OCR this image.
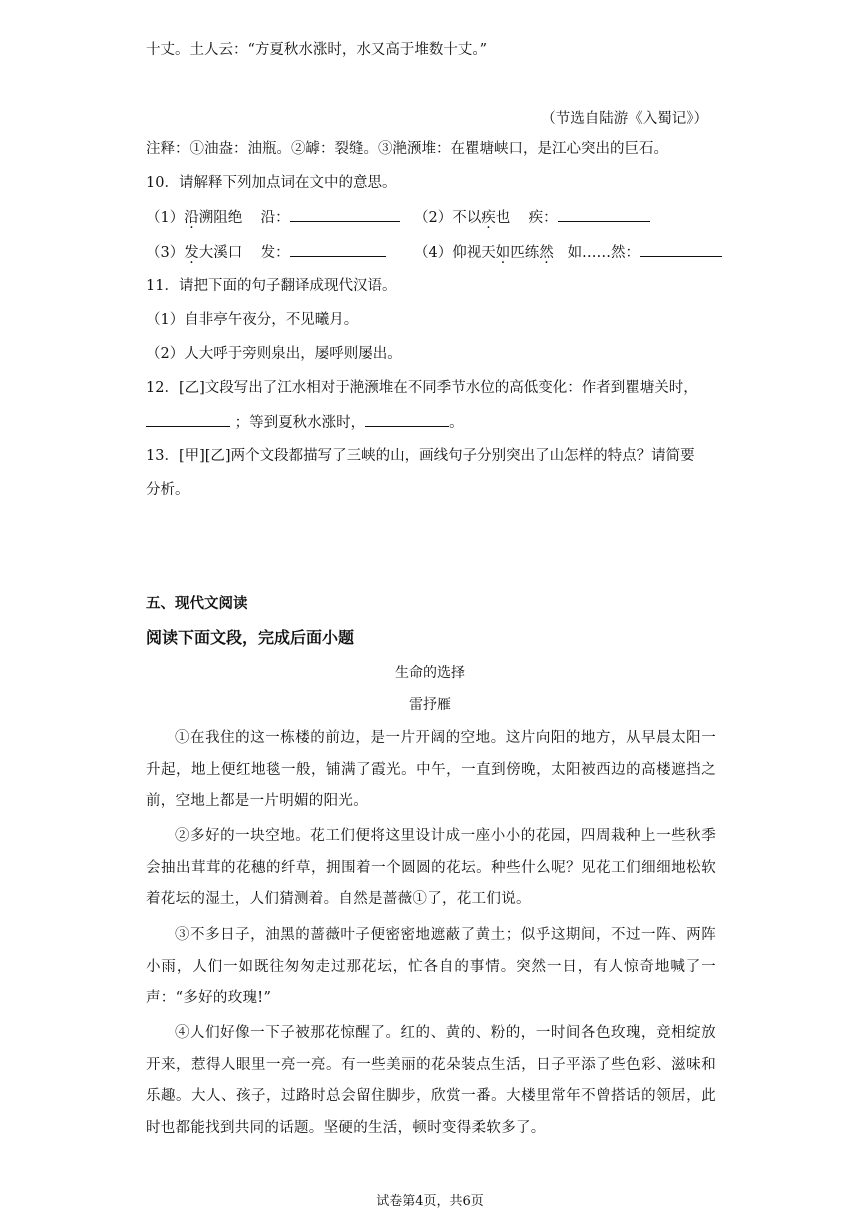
十丈。土人云：“方夏秋水涨时，水又高于堆数十丈。”
（节选自陆游《入蜀记》）
注释：①油盎：油瓶。②罅：裂缝。③滟滪堆：在瞿塘峡口，是江心突出的巨石。
10．请解释下列加点词在文中的意思。
（1）沿溯阻绝 沿：	（2）不以疾也 疾：
（3）发大溪口 发：	（4）仰视天如匹练然 如……然：
11．请把下面的句子翻译成现代汉语。
（1）自非亭午夜分，不见曦月。
（2）人大呼于旁则泉出，屡呼则屡出。
12．[乙]文段写出了江水相对于滟滪堆在不同季节水位的高低变化：作者到瞿塘关时，
；等到夏秋水涨时，	。
13．[甲][乙]两个文段都描写了三峡的山，画线句子分别突出了山怎样的特点？请简要
分析。
五、现代文阅读
阅读下面文段，完成后面小题
生命的选择
雷抒雁
①在我住的这一栋楼的前边，是一片开阔的空地。这片向阳的地方，从早晨太阳一升起，地上便红地毯一般，铺满了霞光。中午，一直到傍晚，太阳被西边的高楼遮挡之前，空地上都是一片明媚的阳光。
②多好的一块空地。花工们便将这里设计成一座小小的花园，四周栽种上一些秋季会抽出茸茸的花穗的纤草，拥围着一个圆圆的花坛。种些什么呢？见花工们细细地松软着花坛的湿土，人们猜测着。自然是蔷薇①了，花工们说。
③不多日子，油黑的蔷薇叶子便密密地遮蔽了黄土；似乎这期间，不过一阵、两阵小雨，人们一如既往匆匆走过那花坛，忙各自的事情。突然一日，有人惊奇地喊了一声：“多好的玫瑰!”
④人们好像一下子被那花惊醒了。红的、黄的、粉的，一时间各色玫瑰，竞相绽放开来，惹得人眼里一亮一亮。有一些美丽的花朵装点生活，日子平添了些色彩、滋味和乐趣。大人、孩子，过路时总会留住脚步，欣赏一番。大楼里常年不曾搭话的领居，此时也都能找到共同的话题。坚硬的生活，顿时变得柔软多了。
试卷第4页，共6页
